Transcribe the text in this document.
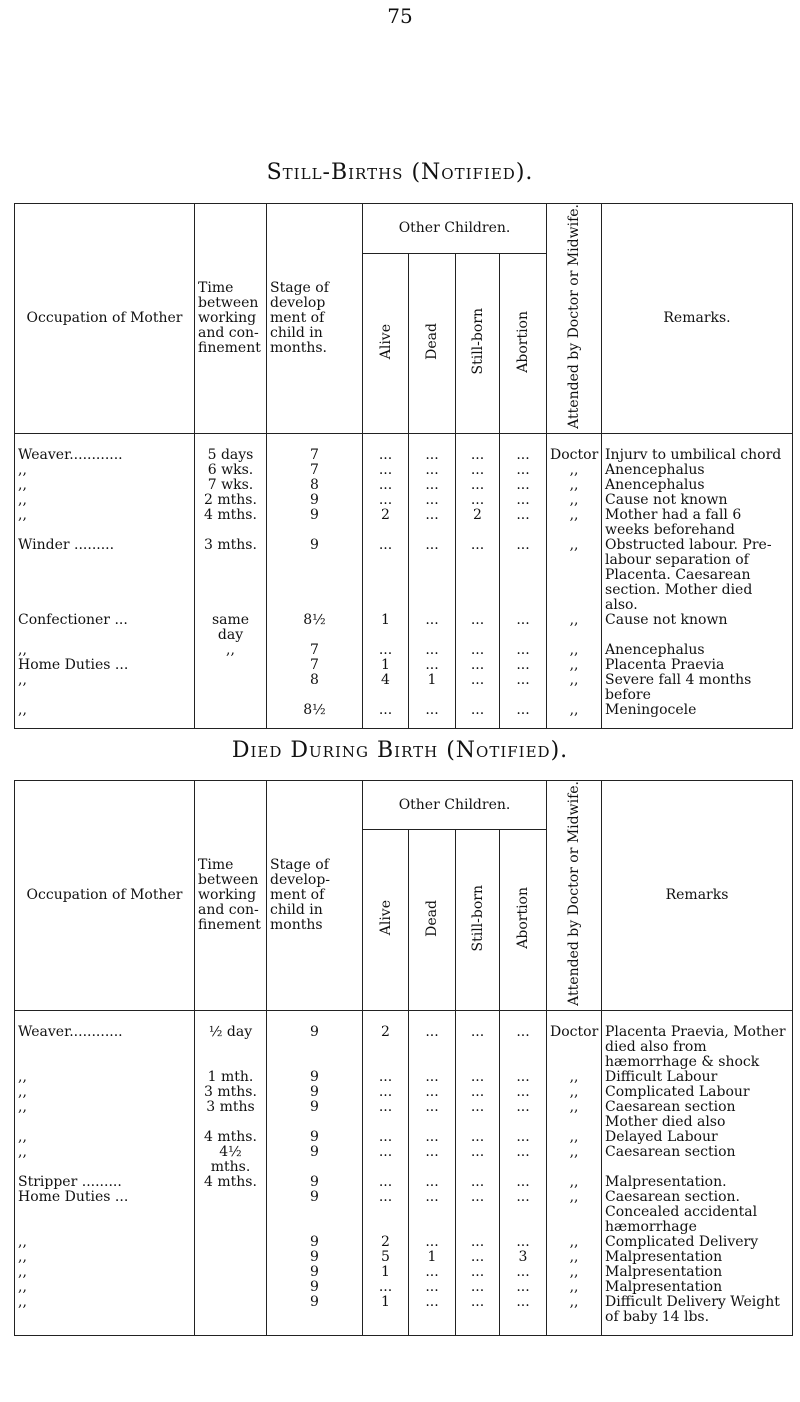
75
Still-Births (Notified).
Occupation of Mother	Time between working and con-finement	Stage of develop ment of child in months.	Other Children.				Attended by Doctor or Midwife.	Remarks.
			Alive	Dead	Still-born	Abortion		
Weaver............	5 days	7	...	...	...	...	Doctor	Injurv to umbilical chord
,,	6 wks.	7	...	...	...	...	,,	Anencephalus
,,	7 wks.	8	...	...	...	...	,,	Anencephalus
,,	2 mths.	9	...	...	...	...	,,	Cause not known
,,	4 mths.	9	2	...	2	...	,,	Mother had a fall 6 weeks beforehand
Winder .........	3 mths.	9	...	...	...	...	,,	Obstructed labour. Pre-labour separation of Placenta. Caesarean section. Mother died also.
Confectioner ...	same day	8½	1	...	...	...	,,	Cause not known
,,	,,	7	...	...	...	...	,,	Anencephalus
Home Duties ...		7	1	...	...	...	,,	Placenta Praevia
,,		8	4	1	...	...	,,	Severe fall 4 months before
,,		8½	...	...	...	...	,,	Meningocele
Died During Birth (Notified).
Occupation of Mother	Time between working and con-finement	Stage of develop-ment of child in months	Other Children.				Attended by Doctor or Midwife.	Remarks
			Alive	Dead	Still-born	Abortion		
Weaver............	½ day	9	2	...	...	...	Doctor	Placenta Praevia, Mother died also from hæmorrhage & shock
,,	1 mth.	9	...	...	...	...	,,	Difficult Labour
,,	3 mths.	9	...	...	...	...	,,	Complicated Labour
,,	3 mths	9	...	...	...	...	,,	Caesarean section Mother died also
,,	4 mths.	9	...	...	...	...	,,	Delayed Labour
,,	4½ mths.	9	...	...	...	...	,,	Caesarean section
Stripper .........	4 mths.	9	...	...	...	...	,,	Malpresentation.
Home Duties ...		9	...	...	...	...	,,	Caesarean section. Concealed accidental hæmorrhage
,,		9	2	...	...	...	,,	Complicated Delivery
,,		9	5	1	...	3	,,	Malpresentation
,,		9	1	...	...	...	,,	Malpresentation
,,		9	...	...	...	...	,,	Malpresentation
,,		9	1	...	...	...	,,	Difficult Delivery Weight of baby 14 lbs.
